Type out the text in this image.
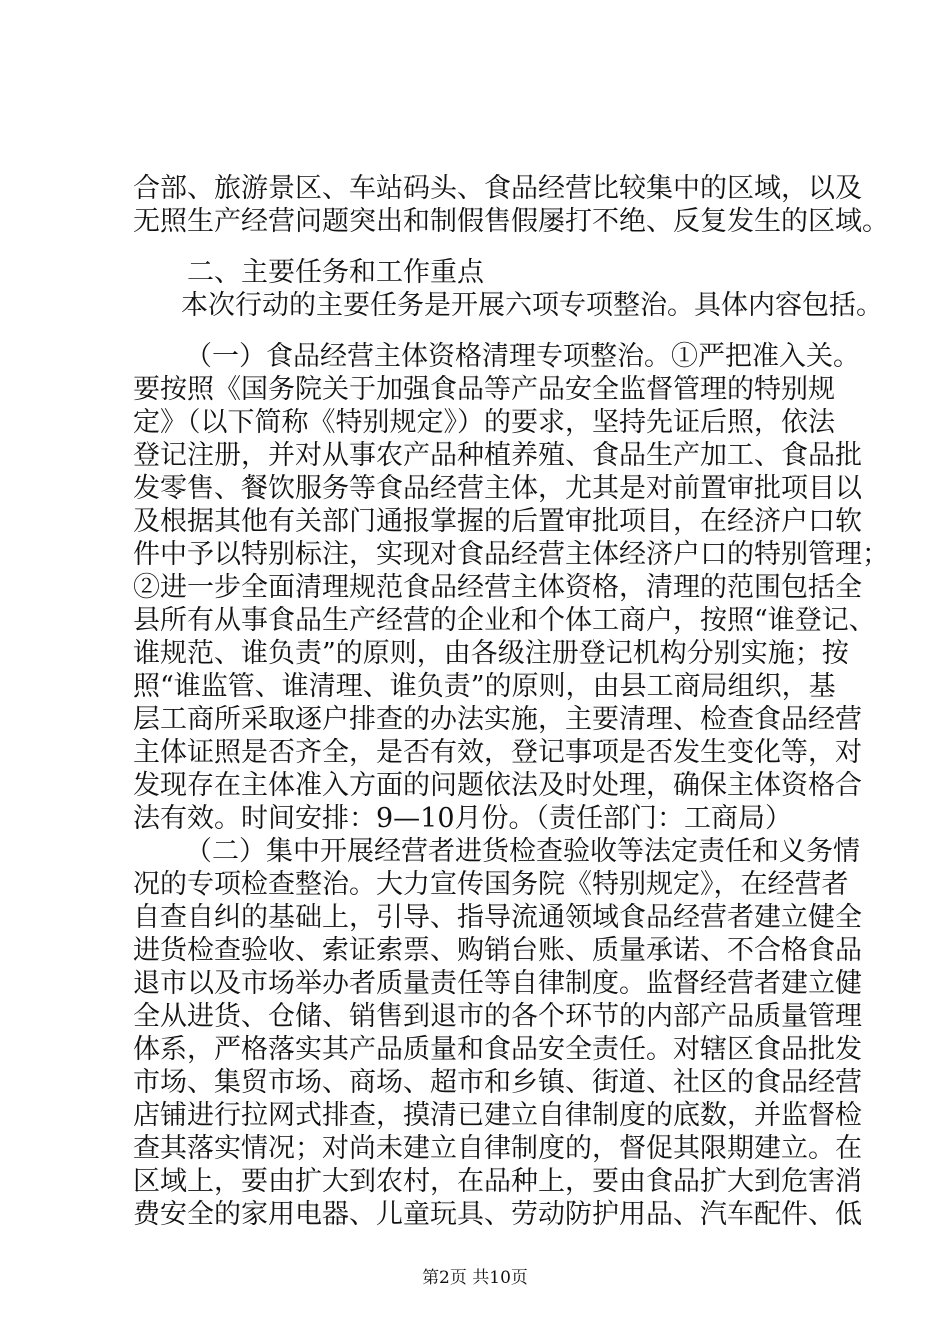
合部、旅游景区、车站码头、食品经营比较集中的区域，以及
无照生产经营问题突出和制假售假屡打不绝、反复发生的区域。
二、主要任务和工作重点
本次行动的主要任务是开展六项专项整治。具体内容包括。
（一）食品经营主体资格清理专项整治。①严把准入关。
要按照《国务院关于加强食品等产品安全监督管理的特别规
定》（以下简称《特别规定》）的要求，坚持先证后照，依法
登记注册，并对从事农产品种植养殖、食品生产加工、食品批
发零售、餐饮服务等食品经营主体，尤其是对前置审批项目以
及根据其他有关部门通报掌握的后置审批项目，在经济户口软
件中予以特别标注，实现对食品经营主体经济户口的特别管理；
②进一步全面清理规范食品经营主体资格，清理的范围包括全
县所有从事食品生产经营的企业和个体工商户，按照“谁登记、
谁规范、谁负责”的原则，由各级注册登记机构分别实施；按
照“谁监管、谁清理、谁负责”的原则，由县工商局组织，基
层工商所采取逐户排查的办法实施，主要清理、检查食品经营
主体证照是否齐全，是否有效，登记事项是否发生变化等，对
发现存在主体准入方面的问题依法及时处理，确保主体资格合
法有效。时间安排：9—10月份。（责任部门：工商局）
（二）集中开展经营者进货检查验收等法定责任和义务情
况的专项检查整治。大力宣传国务院《特别规定》，在经营者
自查自纠的基础上，引导、指导流通领域食品经营者建立健全
进货检查验收、索证索票、购销台账、质量承诺、不合格食品
退市以及市场举办者质量责任等自律制度。监督经营者建立健
全从进货、仓储、销售到退市的各个环节的内部产品质量管理
体系，严格落实其产品质量和食品安全责任。对辖区食品批发
市场、集贸市场、商场、超市和乡镇、街道、社区的食品经营
店铺进行拉网式排查，摸清已建立自律制度的底数，并监督检
查其落实情况；对尚未建立自律制度的，督促其限期建立。在
区域上，要由扩大到农村，在品种上，要由食品扩大到危害消
费安全的家用电器、儿童玩具、劳动防护用品、汽车配件、低
第2页 共10页
